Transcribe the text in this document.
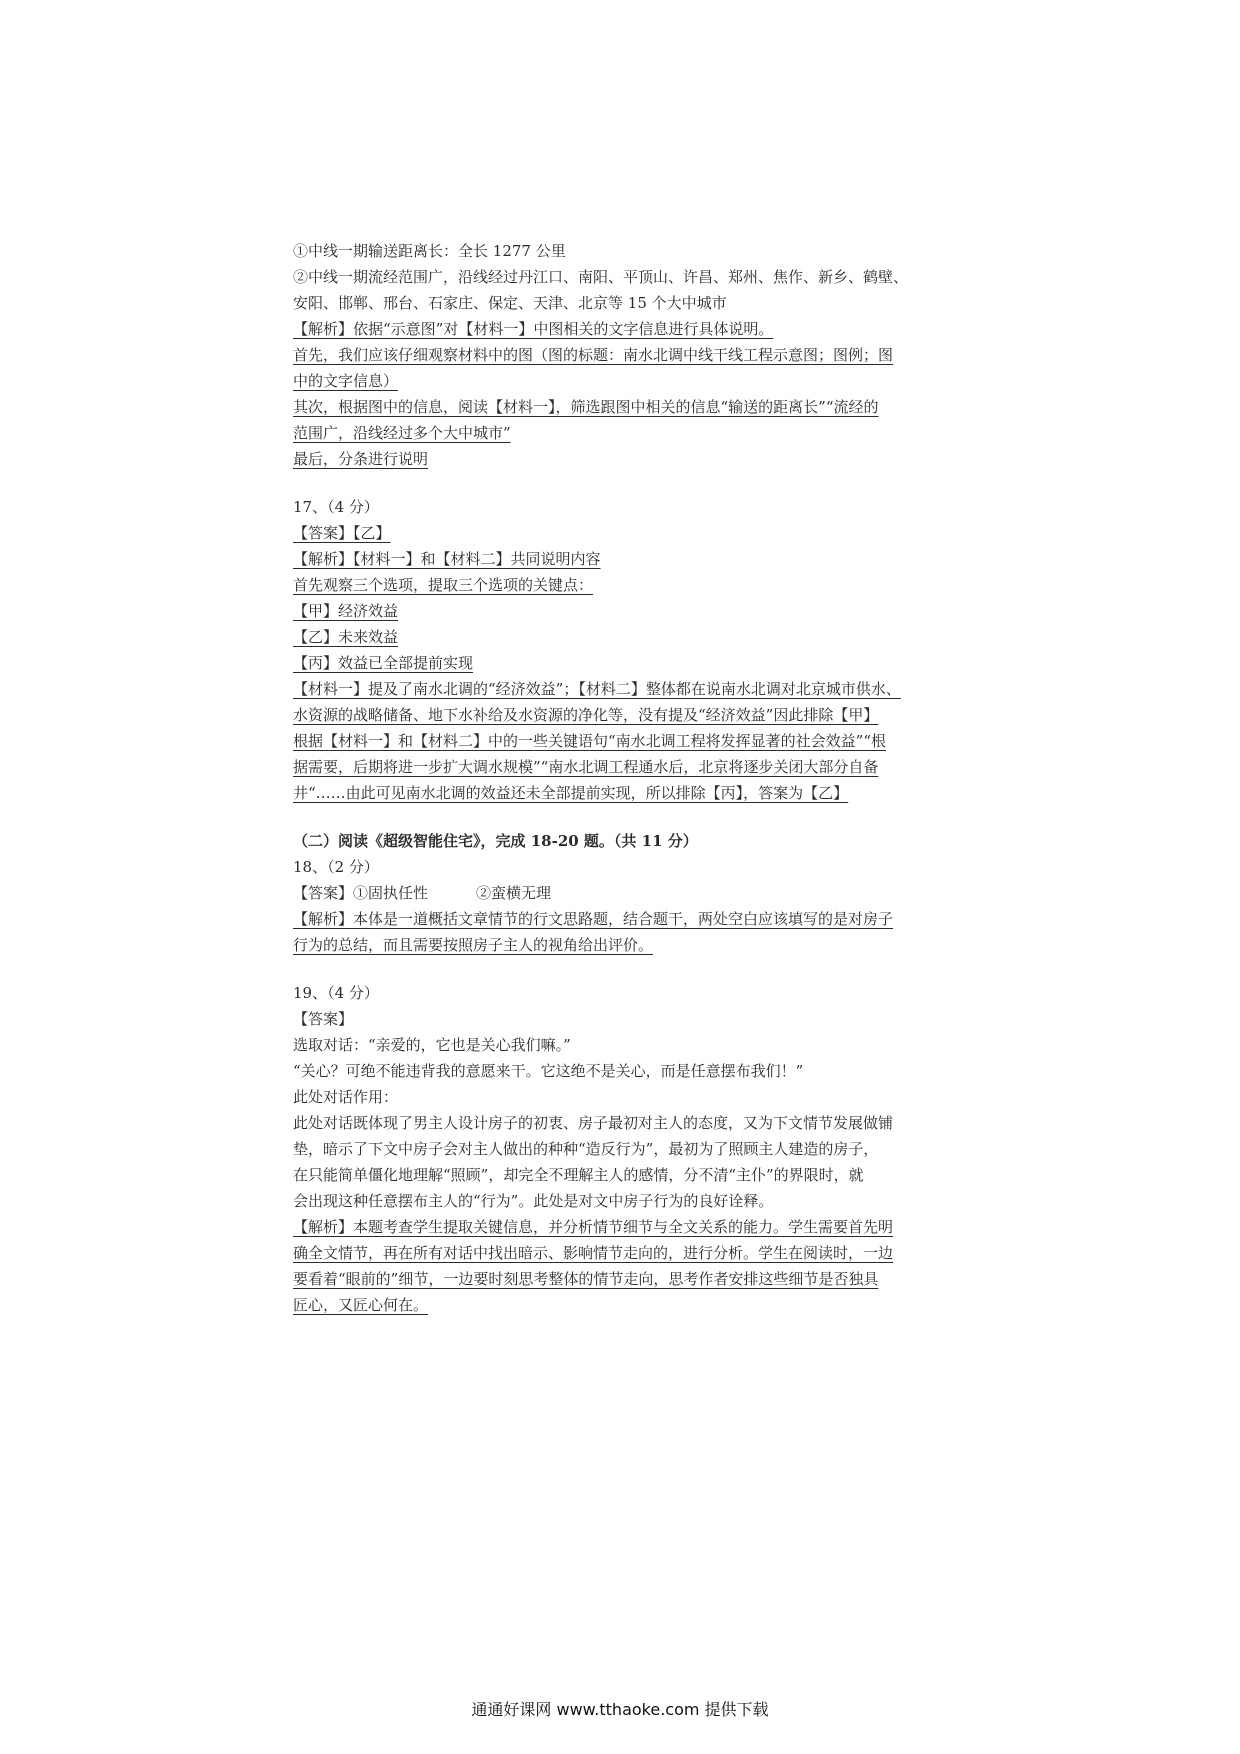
①中线一期输送距离长：全长 1277 公里
②中线一期流经范围广，沿线经过丹江口、南阳、平顶山、许昌、郑州、焦作、新乡、鹤壁、
安阳、邯郸、邢台、石家庄、保定、天津、北京等 15 个大中城市
【解析】依据“示意图”对【材料一】中图相关的文字信息进行具体说明。
首先，我们应该仔细观察材料中的图（图的标题：南水北调中线干线工程示意图；图例；图
中的文字信息）
其次，根据图中的信息，阅读【材料一】，筛选跟图中相关的信息“输送的距离长”“流经的
范围广，沿线经过多个大中城市”
最后，分条进行说明
17、（4 分）
【答案】【乙】
【解析】【材料一】和【材料二】共同说明内容
首先观察三个选项，提取三个选项的关键点：
【甲】经济效益
【乙】未来效益
【丙】效益已全部提前实现
【材料一】提及了南水北调的“经济效益”；【材料二】整体都在说南水北调对北京城市供水、
水资源的战略储备、地下水补给及水资源的净化等，没有提及“经济效益”因此排除【甲】
根据【材料一】和【材料二】中的一些关键语句“南水北调工程将发挥显著的社会效益”“根
据需要，后期将进一步扩大调水规模”“南水北调工程通水后，北京将逐步关闭大部分自备
井“……由此可见南水北调的效益还未全部提前实现，所以排除【丙】，答案为【乙】
（二）阅读《超级智能住宅》，完成 18-20 题。（共 11 分）
18、（2 分）
【答案】①固执任性	②蛮横无理
【解析】本体是一道概括文章情节的行文思路题，结合题干，两处空白应该填写的是对房子
行为的总结，而且需要按照房子主人的视角给出评价。
19、（4 分）
【答案】
选取对话：“亲爱的，它也是关心我们嘛。”
“关心？可绝不能违背我的意愿来干。它这绝不是关心，而是任意摆布我们！”
此处对话作用：
此处对话既体现了男主人设计房子的初衷、房子最初对主人的态度，又为下文情节发展做铺
垫，暗示了下文中房子会对主人做出的种种“造反行为”，最初为了照顾主人建造的房子，
在只能简单僵化地理解“照顾”，却完全不理解主人的感情，分不清“主仆”的界限时，就
会出现这种任意摆布主人的“行为”。此处是对文中房子行为的良好诠释。
【解析】本题考查学生提取关键信息，并分析情节细节与全文关系的能力。学生需要首先明
确全文情节，再在所有对话中找出暗示、影响情节走向的，进行分析。学生在阅读时，一边
要看着“眼前的”细节，一边要时刻思考整体的情节走向，思考作者安排这些细节是否独具
匠心，又匠心何在。
通通好课网 www.tthaoke.com 提供下载
